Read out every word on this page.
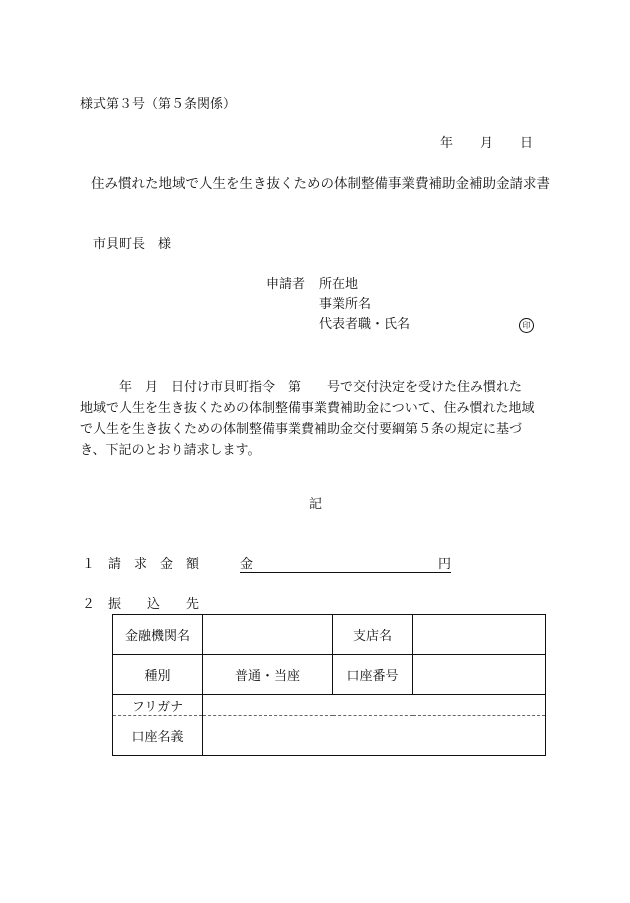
様式第３号（第５条関係）
年 月 日
住み慣れた地域で人生を生き抜くための体制整備事業費補助金補助金請求書
市貝町長　様
申請者 所在地
事業所名
代表者職・氏名	印
　　　年　月　日付け市貝町指令　第　　号で交付決定を受けた住み慣れた
地域で人生を生き抜くための体制整備事業費補助金について、住み慣れた地域
で人生を生き抜くための体制整備事業費補助金交付要綱第５条の規定に基づ
き、下記のとおり請求します。
記
１　請　求　金　額	金	円
２　振　　込　　先
金融機関名		支店名	
種別	普通・当座	口座番号	
フリガナ			
口座名義			
